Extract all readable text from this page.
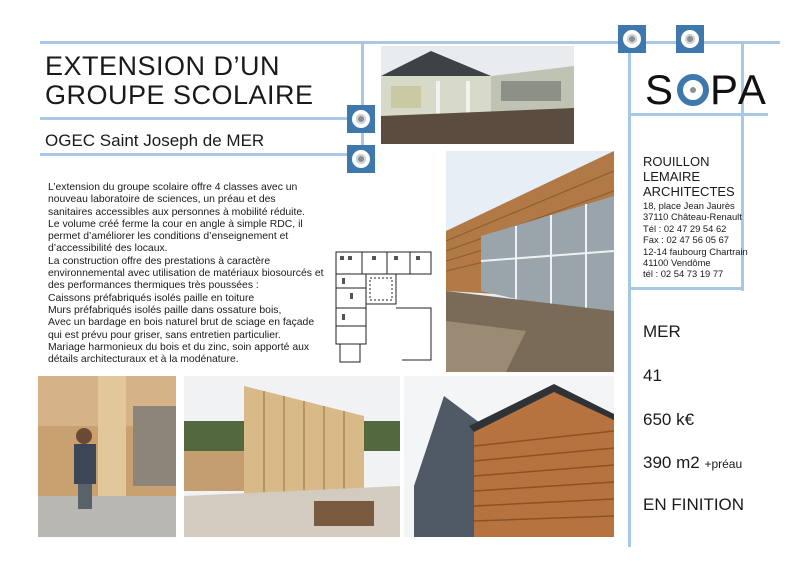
EXTENSION D’UN
GROUPE SCOLAIRE
OGEC Saint Joseph de MER
L’extension du groupe scolaire offre 4 classes avec un
nouveau laboratoire de sciences, un préau et des
sanitaires accessibles aux personnes à mobilité réduite.
Le volume créé ferme la cour en angle à simple RDC, il
permet d’améliorer les conditions d’enseignement et
d’accessibilité des locaux.
La construction offre des prestations à caractère
environnemental avec utilisation de matériaux biosourcés et
des performances thermiques très poussées :
Caissons préfabriqués isolés paille en toiture
Murs préfabriqués isolés paille dans ossature bois,
Avec un bardage en bois naturel brut de sciage en façade
qui est prévu pour griser, sans entretien particulier.
Mariage harmonieux du bois et du zinc, soin apporté aux
détails architecturaux et à la modénature.
S PA
ROUILLON
LEMAIRE
ARCHITECTES
18, place Jean Jaurès
37110 Château-Renault
Tél : 02 47 29 54 62
Fax : 02 47 56 05 67
12-14 faubourg Chartrain
41100 Vendôme
tél : 02 54 73 19 77
MER
41
650 k€
390 m2 +préau
EN FINITION
